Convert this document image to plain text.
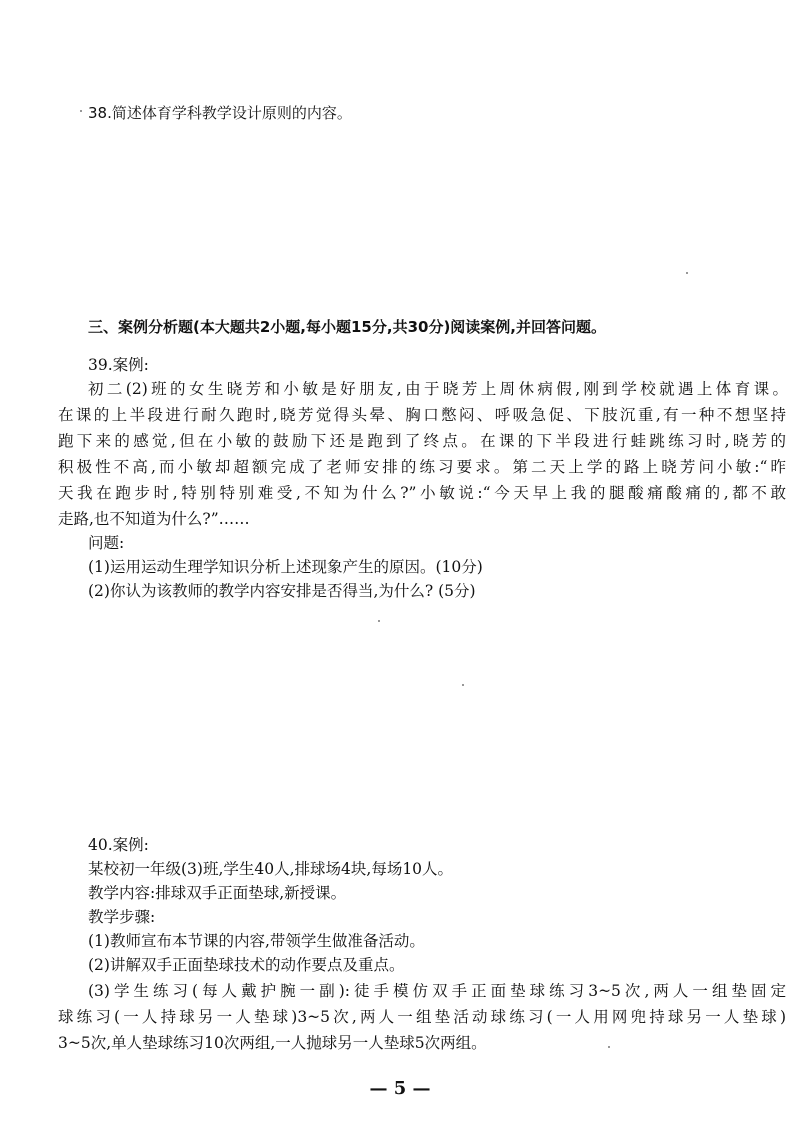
38.简述体育学科教学设计原则的内容。
三、案例分析题(本大题共2小题,每小题15分,共30分)阅读案例,并回答问题。
39.案例:
初二(2)班的女生晓芳和小敏是好朋友,由于晓芳上周休病假,刚到学校就遇上体育课。
在课的上半段进行耐久跑时,晓芳觉得头晕、胸口憋闷、呼吸急促、下肢沉重,有一种不想坚持
跑下来的感觉,但在小敏的鼓励下还是跑到了终点。在课的下半段进行蛙跳练习时,晓芳的
积极性不高,而小敏却超额完成了老师安排的练习要求。第二天上学的路上晓芳问小敏:“昨
天我在跑步时,特别特别难受,不知为什么?”小敏说:“今天早上我的腿酸痛酸痛的,都不敢
走路,也不知道为什么?”……
问题:
(1)运用运动生理学知识分析上述现象产生的原因。(10分)
(2)你认为该教师的教学内容安排是否得当,为什么? (5分)
40.案例:
某校初一年级(3)班,学生40人,排球场4块,每场10人。
教学内容:排球双手正面垫球,新授课。
教学步骤:
(1)教师宣布本节课的内容,带领学生做准备活动。
(2)讲解双手正面垫球技术的动作要点及重点。
(3)学生练习(每人戴护腕一副):徒手模仿双手正面垫球练习3~5次,两人一组垫固定
球练习(一人持球另一人垫球)3~5次,两人一组垫活动球练习(一人用网兜持球另一人垫球)
3~5次,单人垫球练习10次两组,一人抛球另一人垫球5次两组。
— 5 —
